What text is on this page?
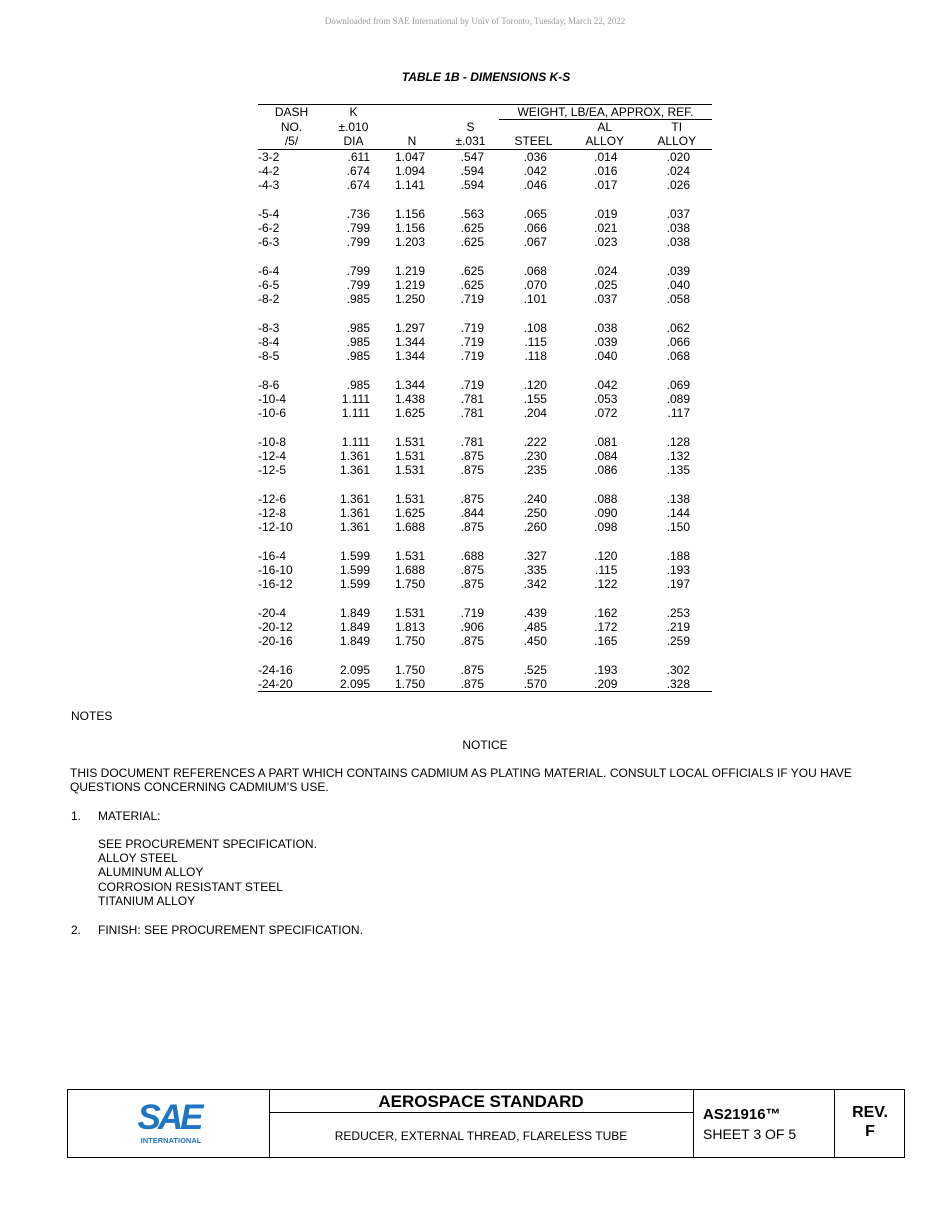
Downloaded from SAE International by Univ of Toronto, Tuesday, March 22, 2022
TABLE 1B - DIMENSIONS K-S
DASH	K			WEIGHT, LB/EA, APPROX, REF.		
NO.	±.010		S		AL	TI
/5/	DIA	N	±.031	STEEL	ALLOY	ALLOY
-3-2	.611	1.047	.547	.036	.014	.020
-4-2	.674	1.094	.594	.042	.016	.024
-4-3	.674	1.141	.594	.046	.017	.026

-5-4	.736	1.156	.563	.065	.019	.037
-6-2	.799	1.156	.625	.066	.021	.038
-6-3	.799	1.203	.625	.067	.023	.038

-6-4	.799	1.219	.625	.068	.024	.039
-6-5	.799	1.219	.625	.070	.025	.040
-8-2	.985	1.250	.719	.101	.037	.058

-8-3	.985	1.297	.719	.108	.038	.062
-8-4	.985	1.344	.719	.115	.039	.066
-8-5	.985	1.344	.719	.118	.040	.068

-8-6	.985	1.344	.719	.120	.042	.069
-10-4	1.111	1.438	.781	.155	.053	.089
-10-6	1.111	1.625	.781	.204	.072	.117

-10-8	1.111	1.531	.781	.222	.081	.128
-12-4	1.361	1.531	.875	.230	.084	.132
-12-5	1.361	1.531	.875	.235	.086	.135

-12-6	1.361	1.531	.875	.240	.088	.138
-12-8	1.361	1.625	.844	.250	.090	.144
-12-10	1.361	1.688	.875	.260	.098	.150

-16-4	1.599	1.531	.688	.327	.120	.188
-16-10	1.599	1.688	.875	.335	.115	.193
-16-12	1.599	1.750	.875	.342	.122	.197

-20-4	1.849	1.531	.719	.439	.162	.253
-20-12	1.849	1.813	.906	.485	.172	.219
-20-16	1.849	1.750	.875	.450	.165	.259

-24-16	2.095	1.750	.875	.525	.193	.302
-24-20	2.095	1.750	.875	.570	.209	.328
NOTES
NOTICE
THIS DOCUMENT REFERENCES A PART WHICH CONTAINS CADMIUM AS PLATING MATERIAL. CONSULT LOCAL OFFICIALS IF YOU HAVE QUESTIONS CONCERNING CADMIUM’S USE.
1. MATERIAL:
SEE PROCUREMENT SPECIFICATION.
ALLOY STEEL
ALUMINUM ALLOY
CORROSION RESISTANT STEEL
TITANIUM ALLOY
2. FINISH: SEE PROCUREMENT SPECIFICATION.
SAE
INTERNATIONAL
AEROSPACE STANDARD
REDUCER, EXTERNAL THREAD, FLARELESS TUBE
AS21916™
SHEET 3 OF 5
REV.
F
